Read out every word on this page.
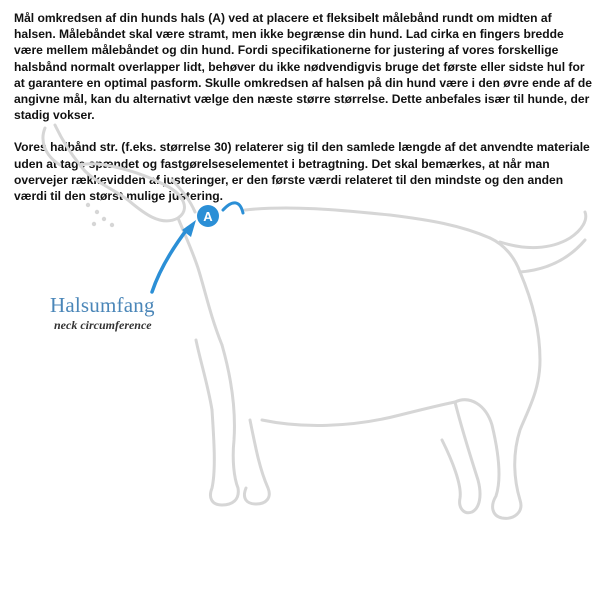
Mål omkredsen af din hunds hals (A) ved at placere et fleksibelt målebånd rundt om midten af halsen. Målebåndet skal være stramt, men ikke begrænse din hund. Lad cirka en fingers bredde være mellem målebåndet og din hund. Fordi specifikationerne for justering af vores forskellige halsbånd normalt overlapper lidt, behøver du ikke nødvendigvis bruge det første eller sidste hul for at garantere en optimal pasform. Skulle omkredsen af halsen på din hund være i den øvre ende af de angivne mål, kan du alternativt vælge den næste større størrelse. Dette anbefales især til hunde, der stadig vokser.

Vores halbånd str. (f.eks. størrelse 30) relaterer sig til den samlede længde af det anvendte materiale uden at tage spændet og fastgørelseselementet i betragtning. Det skal bemærkes, at når man overvejer rækkevidden af justeringer, er den første værdi relateret til den mindste og den anden værdi til den størst mulige justering.

A
Halsumfang
neck circumference
